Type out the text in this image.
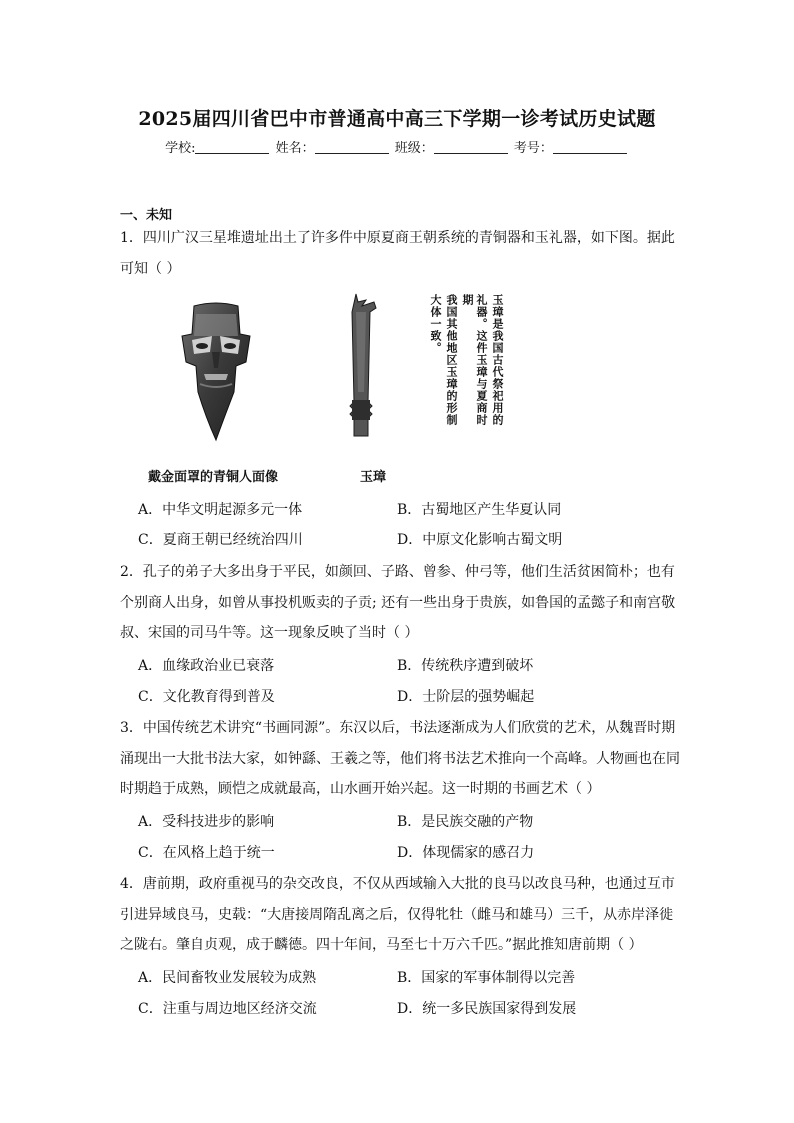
2025届四川省巴中市普通高中高三下学期一诊考试历史试题
学校:	姓名：	班级：	考号：
一、未知
1．四川广汉三星堆遗址出土了许多件中原夏商王朝系统的青铜器和玉礼器，如下图。据此
可知（ ）
玉璋是我国古代祭祀用的
礼器。这件玉璋与夏商时期
我国其他地区玉璋的形制
大体一致。
戴金面罩的青铜人面像	玉璋
A．中华文明起源多元一体	B．古蜀地区产生华夏认同
C．夏商王朝已经统治四川	D．中原文化影响古蜀文明
2．孔子的弟子大多出身于平民，如颜回、子路、曾参、仲弓等，他们生活贫困简朴；也有
个别商人出身，如曾从事投机贩卖的子贡; 还有一些出身于贵族，如鲁国的孟懿子和南宫敬
叔、宋国的司马牛等。这一现象反映了当时（ ）
A．血缘政治业已衰落	B．传统秩序遭到破坏
C．文化教育得到普及	D．士阶层的强势崛起
3．中国传统艺术讲究“书画同源”。东汉以后，书法逐渐成为人们欣赏的艺术，从魏晋时期
涌现出一大批书法大家，如钟繇、王羲之等，他们将书法艺术推向一个高峰。人物画也在同
时期趋于成熟，顾恺之成就最高，山水画开始兴起。这一时期的书画艺术（ ）
A．受科技进步的影响	B．是民族交融的产物
C．在风格上趋于统一	D．体现儒家的感召力
4．唐前期，政府重视马的杂交改良，不仅从西域输入大批的良马以改良马种，也通过互市
引进异域良马，史载：“大唐接周隋乱离之后，仅得牝牡（雌马和雄马）三千，从赤岸泽徙
之陇右。肇自贞观，成于麟德。四十年间，马至七十万六千匹。”据此推知唐前期（ ）
A．民间畜牧业发展较为成熟	B．国家的军事体制得以完善
C．注重与周边地区经济交流	D．统一多民族国家得到发展
